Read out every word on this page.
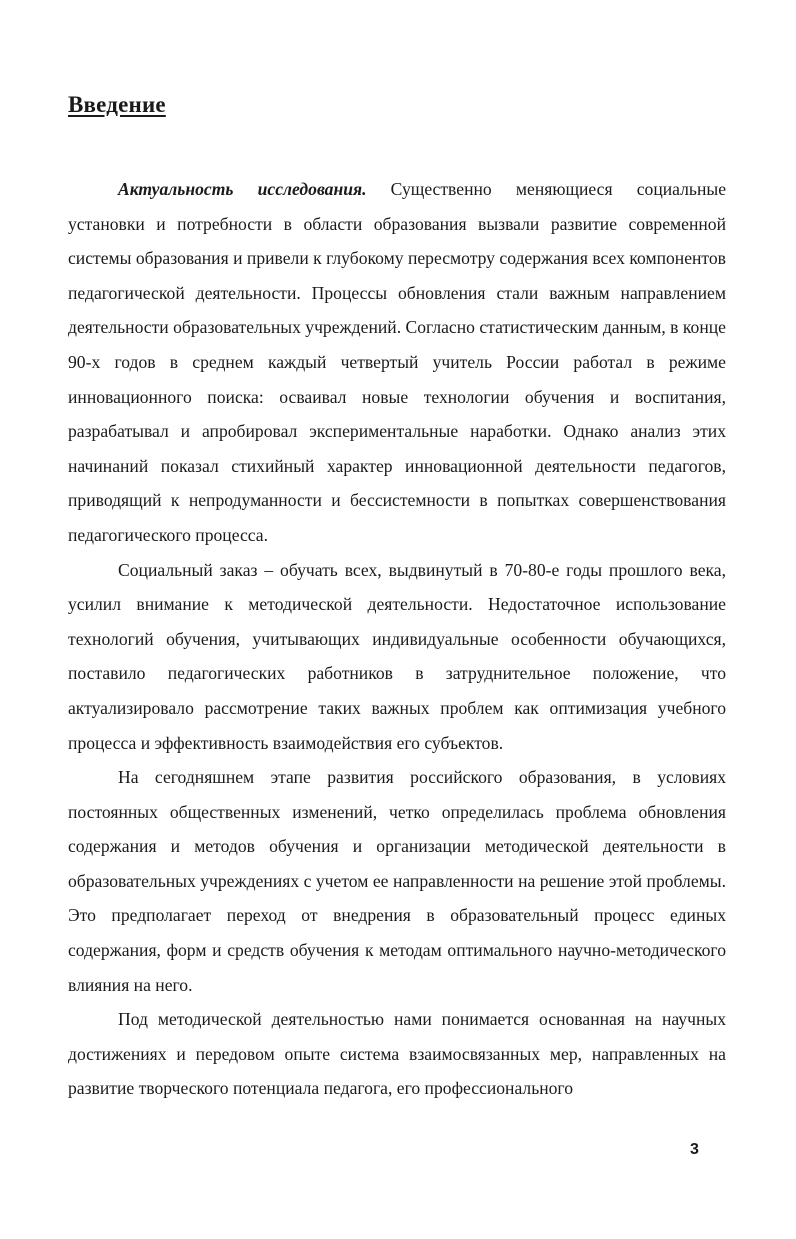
Введение

Актуальность исследования. Существенно меняющиеся социальные установки и потребности в области образования вызвали развитие современной системы образования и привели к глубокому пересмотру содержания всех компонентов педагогической деятельности. Процессы обновления стали важным направлением деятельности образовательных учреждений. Согласно статистическим данным, в конце 90-х годов в среднем каждый четвертый учитель России работал в режиме инновационного поиска: осваивал новые технологии обучения и воспитания, разрабатывал и апробировал экспериментальные наработки. Однако анализ этих начинаний показал стихийный характер инновационной деятельности педагогов, приводящий к непродуманности и бессистемности в попытках совершенствования педагогического процесса.

Социальный заказ – обучать всех, выдвинутый в 70-80-е годы прошлого века, усилил внимание к методической деятельности. Недостаточное использование технологий обучения, учитывающих индивидуальные особенности обучающихся, поставило педагогических работников в затруднительное положение, что актуализировало рассмотрение таких важных проблем как оптимизация учебного процесса и эффективность взаимодействия его субъектов.

На сегодняшнем этапе развития российского образования, в условиях постоянных общественных изменений, четко определилась проблема обновления содержания и методов обучения и организации методической деятельности в образовательных учреждениях с учетом ее направленности на решение этой проблемы. Это предполагает переход от внедрения в образовательный процесс единых содержания, форм и средств обучения к методам оптимального научно-методического влияния на него.

Под методической деятельностью нами понимается основанная на научных достижениях и передовом опыте система взаимосвязанных мер, направленных на развитие творческого потенциала педагога, его профессионального

3
